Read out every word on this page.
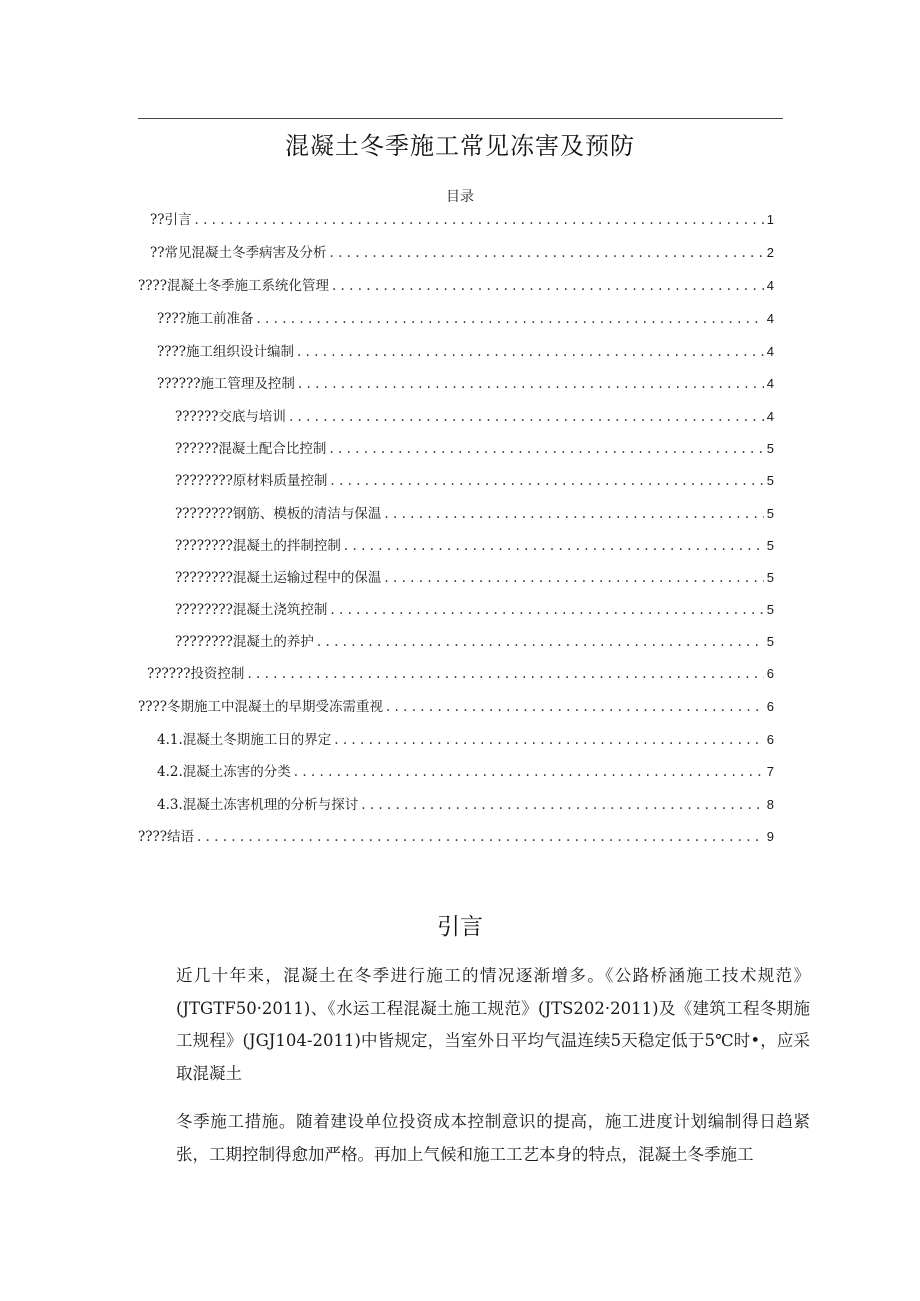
混凝土冬季施工常见冻害及预防
目录
??引言 . . .	1
??常见混凝土冬季病害及分析 . . .	2
????混凝土冬季施工系统化管理 . . .	4
????施工前准备 . . .	4
????施工组织设计编制 . . .	4
??????施工管理及控制 . . .	4
??????交底与培训 . . .	4
??????混凝土配合比控制 . . .	5
????????原材料质量控制 . . .	5
????????钢筋、模板的清洁与保温 . . .	5
????????混凝土的拌制控制 . . .	5
????????混凝土运输过程中的保温 . . .	5
????????混凝土浇筑控制 . . .	5
????????混凝土的养护 . . .	5
??????投资控制 . . .	6
????冬期施工中混凝土的早期受冻需重视 . . .	6
4.1.混凝土冬期施工日的界定 . . .	6
4.2.混凝土冻害的分类 . . .	7
4.3.混凝土冻害机理的分析与探讨 . . .	8
????结语 . . .	9
引言

近几十年来，混凝土在冬季进行施工的情况逐渐增多。《公路桥涵施工技术规范》(JTGTF50·2011)、《水运工程混凝土施工规范》(JTS202·2011)及《建筑工程冬期施工规程》(JGJ104-2011)中皆规定，当室外日平均气温连续5天稳定低于5℃时•，应采取混凝土

冬季施工措施。随着建设单位投资成本控制意识的提高，施工进度计划编制得日趋紧张，工期控制得愈加严格。再加上气候和施工工艺本身的特点，混凝土冬季施工
